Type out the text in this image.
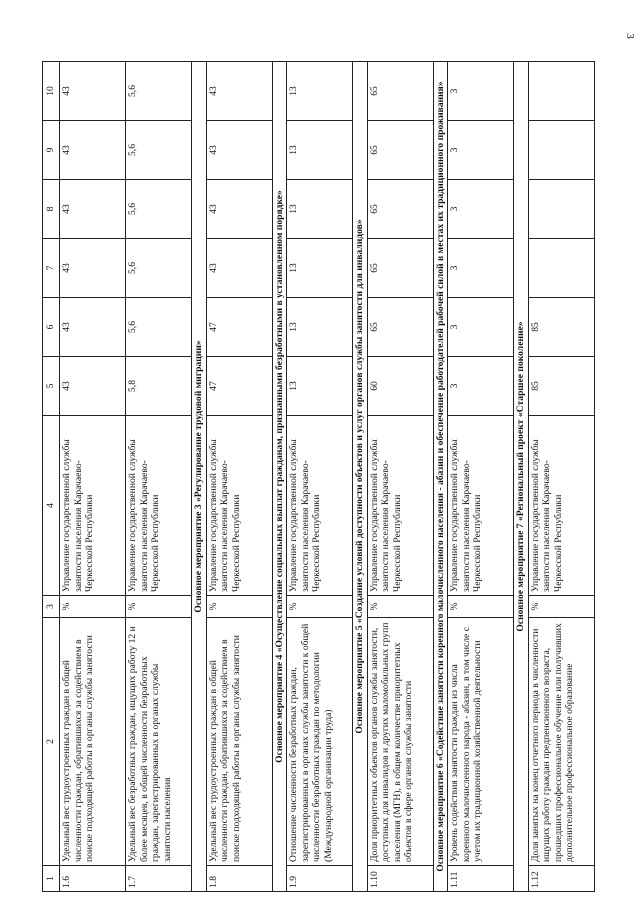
3
1	2	3	4	5	6	7	8	9	10
1.6	Удельный вес трудоустроенных граждан в общей численности граждан, обратившихся за содействием в поиске подходящей работы в органы службы занятости	%	Управление государственной службы занятости населения Карачаево-Черкесской Республики	43	43	43	43	43	43
1.7	Удельный вес безработных граждан, ищущих работу 12 и более месяцев, в общей численности безработных граждан, зарегистрированных в органах службы занятости населения	%	Управление государственной службы занятости населения Карачаево-Черкесской Республики	5,8	5,6	5,6	5,6	5,6	5,6
Основное мероприятие 3 «Регулирование трудовой миграции»									
1.8	Удельный вес трудоустроенных граждан в общей численности граждан, обратившихся за содействием в поиске подходящей работы в органы службы занятости	%	Управление государственной службы занятости населения Карачаево-Черкесской Республики	47	47	43	43	43	43
Основное мероприятие 4 «Осуществление социальных выплат гражданам, признанными безработными в установленном порядке»									
1.9	Отношение численности безработных граждан, зарегистрированных в органах службы занятости к общей численности безработных граждан по методологии (Международной организации труда)	%	Управление государственной службы занятости населения Карачаево-Черкесской Республики	13	13	13	13	13	13
Основное мероприятие 5 «Создание условий доступности объектов и услуг органов службы занятости для инвалидов»									
1.10	Доля приоритетных объектов органов службы занятости, доступных для инвалидов и других маломобильных групп населения (МГН), в общем количестве приоритетных объектов в сфере органов службы занятости	%	Управление государственной службы занятости населения Карачаево-Черкесской Республики	60	65	65	65	65	65
Основное мероприятие 6 «Содействие занятости коренного малочисленного населения - абазин и обеспечение работодателей рабочей силой в местах их традиционного проживания»									
1.11	Уровень содействия занятости граждан из числа коренного малочисленного народа - абазин, в том числе с учетом их традиционной хозяйственной деятельности	%	Управление государственной службы занятости населения Карачаево-Черкесской Республики	3	3	3	3	3	3
Основное мероприятие 7 «Региональный проект «Старшее поколение»									
1.12	Доля занятых на конец отчетного периода в численности ищущих работу граждан предпенсионного возраста, прошедших профессиональное обучение или получивших дополнительное профессиональное образование	%	Управление государственной службы занятости населения Карачаево-Черкесской Республики	85	85				
